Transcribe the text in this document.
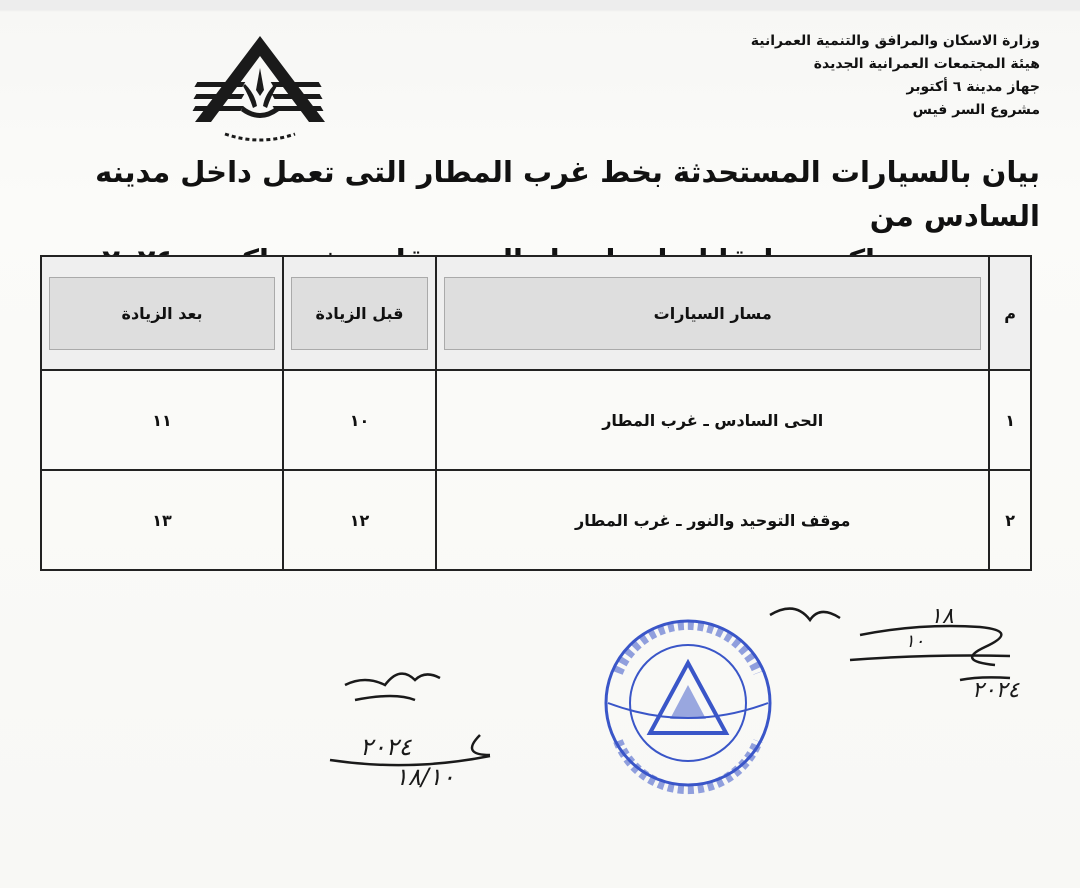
وزارة الاسكان والمرافق والتنمية العمرانية
هيئة المجتمعات العمرانية الجديدة
جهاز مدينة ٦ أكتوبر
مشروع السر فيس
بيان بالسيارات المستحدثة بخط غرب المطار التى تعمل داخل مدينه السادس من
م	مسار السيارات	قبل الزيادة	بعد الزيادة

١	الحى السادس ـ غرب المطار	١٠	١١
٢	موقف التوحيد والنور ـ غرب المطار	١٢	١٣
١٨
١٠
٢٠٢٤
٢٠٢٤
١٨/١٠
